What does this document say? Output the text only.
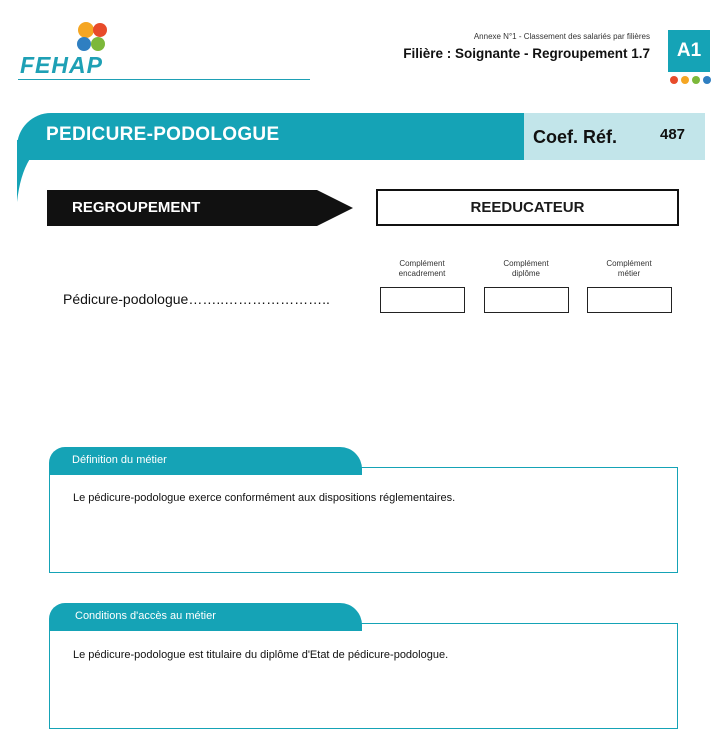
FEHAP
Annexe N°1 - Classement des salariés par filières
Filière : Soignante - Regroupement 1.7	A1
PEDICURE-PODOLOGUE	Coef. Réf.	487
REGROUPEMENT	REEDUCATEUR
Complément
encadrement
Complément
diplôme
Complément
métier
Pédicure-podologue……..…………………..
Définition du métier
Le pédicure-podologue exerce conformément aux dispositions réglementaires.
Conditions d'accès au métier
Le pédicure-podologue est titulaire du diplôme d'Etat de pédicure-podologue.
